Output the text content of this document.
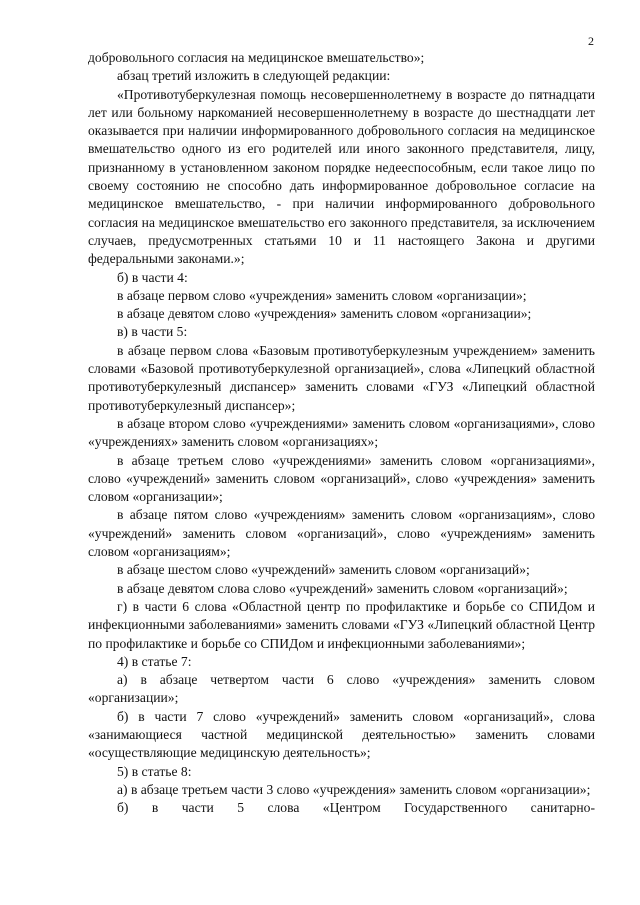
2

добровольного согласия на медицинское вмешательство»;

абзац третий изложить в следующей редакции:

«Противотуберкулезная помощь несовершеннолетнему в возрасте до пятнадцати лет или больному наркоманией несовершеннолетнему в возрасте до шестнадцати лет оказывается при наличии информированного добровольного согласия на медицинское вмешательство одного из его родителей или иного законного представителя, лицу, признанному в установленном законом порядке недееспособным, если такое лицо по своему состоянию не способно дать информированное добровольное согласие на медицинское вмешательство, - при наличии информированного добровольного согласия на медицинское вмешательство его законного представителя, за исключением случаев, предусмотренных статьями 10 и 11 настоящего Закона и другими федеральными законами.»;

б) в части 4:

в абзаце первом слово «учреждения» заменить словом «организации»;

в абзаце девятом слово «учреждения» заменить словом «организации»;

в) в части 5:

в абзаце первом слова «Базовым противотуберкулезным учреждением» заменить словами «Базовой противотуберкулезной организацией», слова «Липецкий областной противотуберкулезный диспансер» заменить словами «ГУЗ «Липецкий областной противотуберкулезный диспансер»;

в абзаце втором слово «учреждениями» заменить словом «организациями», слово «учреждениях» заменить словом «организациях»;

в абзаце третьем слово «учреждениями» заменить словом «организациями», слово «учреждений» заменить словом «организаций», слово «учреждения» заменить словом «организации»;

в абзаце пятом слово «учреждениям» заменить словом «организациям», слово «учреждений» заменить словом «организаций», слово «учреждениям» заменить словом «организациям»;

в абзаце шестом слово «учреждений» заменить словом «организаций»;

в абзаце девятом слова слово «учреждений» заменить словом «организаций»;

г) в части 6 слова «Областной центр по профилактике и борьбе со СПИДом и инфекционными заболеваниями» заменить словами «ГУЗ «Липецкий областной Центр по профилактике и борьбе со СПИДом и инфекционными заболеваниями»;

4) в статье 7:

а) в абзаце четвертом части 6 слово «учреждения» заменить словом «организации»;

б) в части 7 слово «учреждений» заменить словом «организаций», слова «занимающиеся частной медицинской деятельностью» заменить словами «осуществляющие медицинскую деятельность»;

5) в статье 8:

а) в абзаце третьем части 3 слово «учреждения» заменить словом «организации»;

б) в части 5 слова «Центром Государственного санитарно-
